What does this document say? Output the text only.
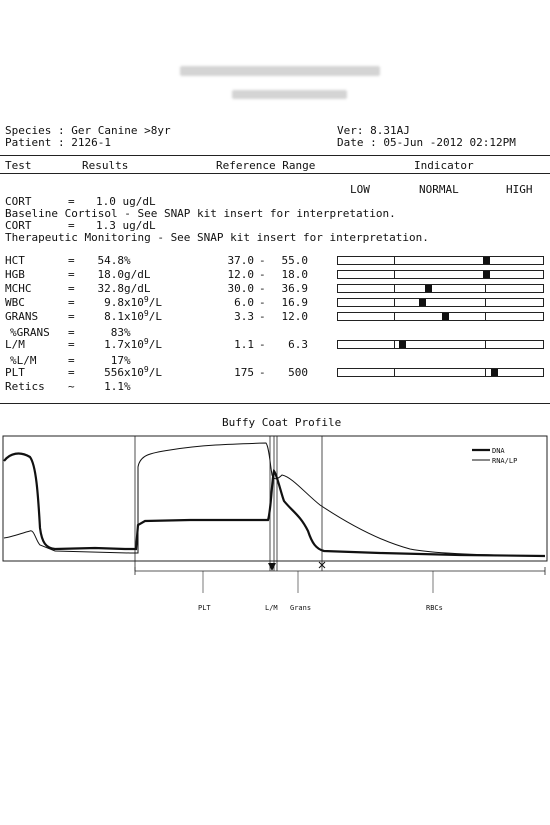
Species : Ger Canine >8yr
Patient : 2126-1
Ver: 8.31AJ
Date : 05-Jun -2012 02:12PM
Test	Results	Reference Range	Indicator
LOW	NORMAL	HIGH
CORT	= 1.0 ug/dL
Baseline Cortisol - See SNAP kit insert for interpretation.
CORT	= 1.3 ug/dL
Therapeutic Monitoring - See SNAP kit insert for interpretation.
HCT	=	54.8 %	37.0 -	55.0
HGB	=	18.0 g/dL	12.0 -	18.0
MCHC	=	32.8 g/dL	30.0 -	36.9
WBC	=	9.8 $x10^9/L$	6.0 -	16.9
GRANS	=	8.1 $x10^9/L$	3.3 -	12.0
%GRANS =	83 %
L/M	=	1.7 $x10^9/L$	1.1 -	6.3
%L/M	=	17 %
PLT	=	556 $x10^9/L$	175 -	500
Retics ~	1.1 %
Buffy Coat Profile
DNA
RNA/LP
PLT	L/M Grans	RBCs
